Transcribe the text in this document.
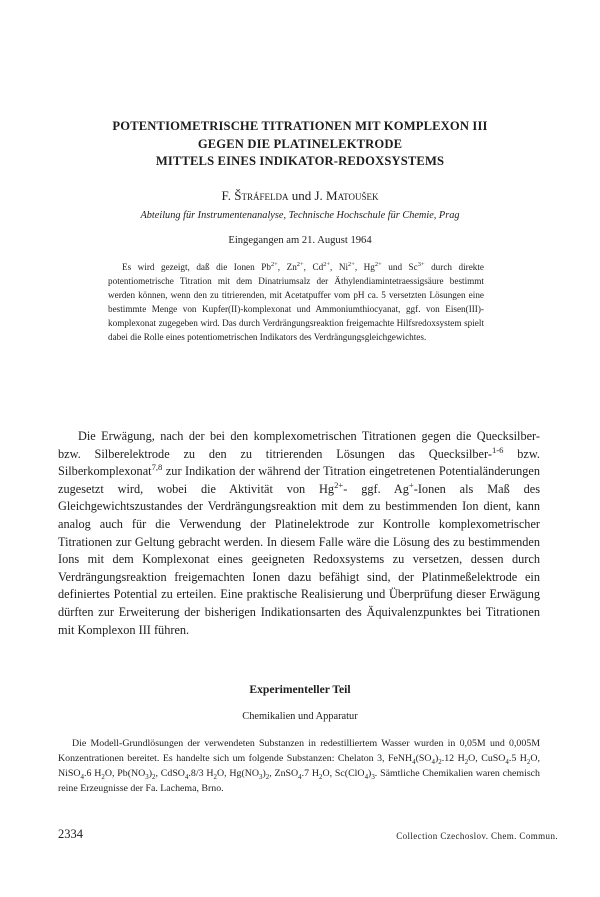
POTENTIOMETRISCHE TITRATIONEN MIT KOMPLEXON III
GEGEN DIE PLATINELEKTRODE
MITTELS EINES INDIKATOR-REDOXSYSTEMS
F. Štráfelda und J. Matoušek
Abteilung für Instrumentenanalyse, Technische Hochschule für Chemie, Prag
Eingegangen am 21. August 1964

Es wird gezeigt, daß die Ionen $Pb^{2+}$, $Zn^{2+}$, $Cd^{2+}$, $Ni^{2+}$, $Hg^{2+}$ und $Sc^{3+}$ durch direkte potentiometrische Titration mit dem Dinatriumsalz der Äthylendiamintetraessigsäure bestimmt werden können, wenn den zu titrierenden, mit Acetatpuffer vom pH ca. 5 versetzten Lösungen eine bestimmte Menge von Kupfer(II)-komplexonat und Ammoniumthiocyanat, ggf. von Eisen(III)-komplexonat zugegeben wird. Das durch Verdrängungsreaktion freigemachte Hilfsredoxsystem spielt dabei die Rolle eines potentiometrischen Indikators des Verdrängungsgleichgewichtes.

Die Erwägung, nach der bei den komplexometrischen Titrationen gegen die Quecksilber- bzw. Silberelektrode zu den zu titrierenden Lösungen das Quecksilber-$^{1-6}$ bzw. Silberkomplexonat$^{7,8}$ zur Indikation der während der Titration eingetretenen Potentialänderungen zugesetzt wird, wobei die Aktivität von $Hg^{2+}-$ ggf. Ag+-Ionen als Maß des Gleichgewichtszustandes der Verdrängungsreaktion mit dem zu bestimmenden Ion dient, kann analog auch für die Verwendung der Platinelektrode zur Kontrolle komplexometrischer Titrationen zur Geltung gebracht werden. In diesem Falle wäre die Lösung des zu bestimmenden Ions mit dem Komplexonat eines geeigneten Redoxsystems zu versetzen, dessen durch Verdrängungsreaktion freigemachten Ionen dazu befähigt sind, der Platinmeßelektrode ein definiertes Potential zu erteilen. Eine praktische Realisierung und Überprüfung dieser Erwägung dürften zur Erweiterung der bisherigen Indikationsarten des Äquivalenzpunktes bei Titrationen mit Komplexon III führen.

Experimenteller Teil
Chemikalien und Apparatur

Die Modell-Grundlösungen der verwendeten Substanzen in redestilliertem Wasser wurden in 0,05M und 0,005M Konzentrationen bereitet. Es handelte sich um folgende Substanzen: Chelaton 3, $FeNH_4(SO_4)_2.12$ $H_2O$, CuSO$_4$.5 $H_2O$, NiSO$_4$.6 $H_2O$, $Pb(NO_3)_2$, CdSO$_4$.8/3 $H_2O$, $Hg(NO_3)_2$, ZnSO$_4$.7 $H_2O$, $Sc(ClO_4)_3$. Sämtliche Chemikalien waren chemisch reine Erzeugnisse der Fa. Lachema, Brno.

2334	Collection Czechoslov. Chem. Commun.
